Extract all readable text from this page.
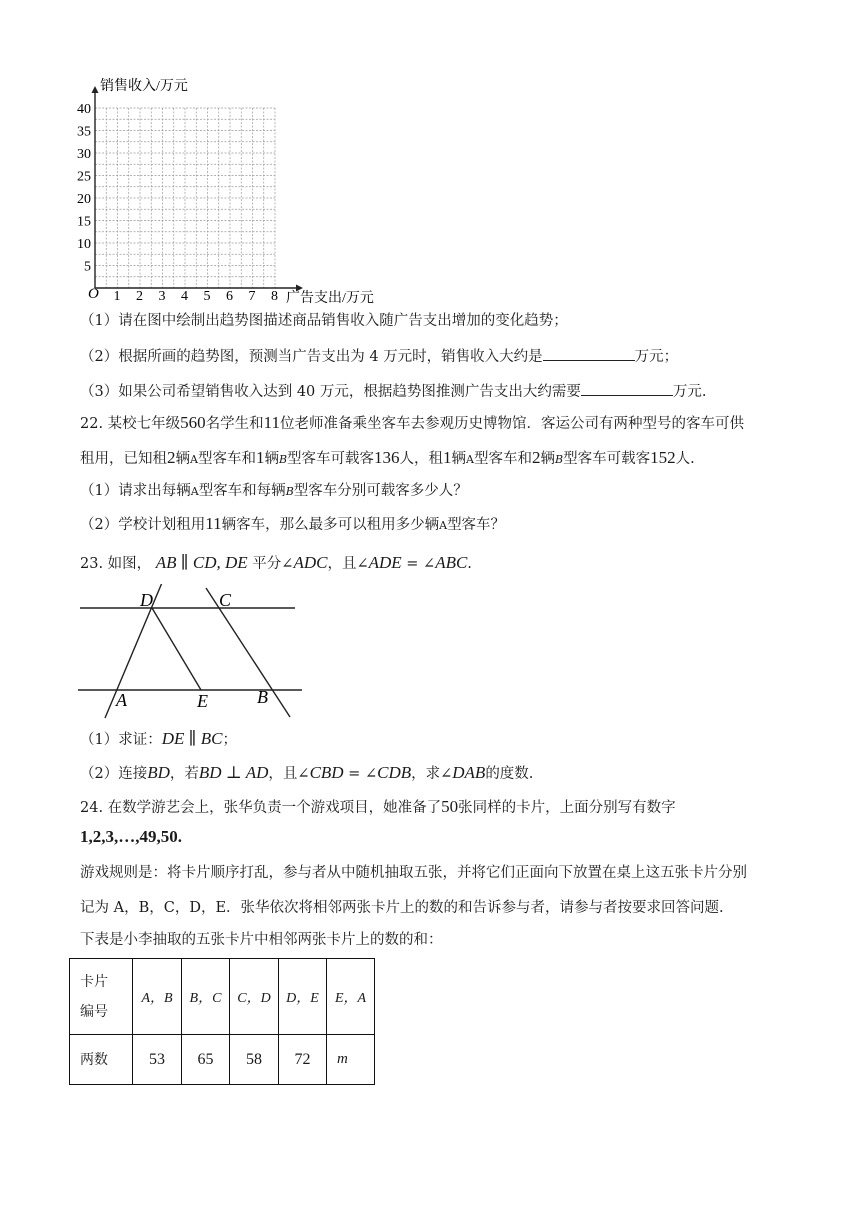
1 2 3 4 5 6 7 8
5
10
15
20
25
30
35
40
销售收入/万元
广告支出/万元
O
（1）请在图中绘制出趋势图描述商品销售收入随广告支出增加的变化趋势；
（2）根据所画的趋势图，预测当广告支出为 4 万元时，销售收入大约是	万元；
（3）如果公司希望销售收入达到 40 万元，根据趋势图推测广告支出大约需要	万元.
22. 某校七年级560名学生和11位老师准备乘坐客车去参观历史博物馆．客运公司有两种型号的客车可供
租用，已知租2辆A型客车和1辆B型客车可载客136人，租1辆A型客车和2辆B型客车可载客152人.
（1）请求出每辆A型客车和每辆B型客车分别可载客多少人？
（2）学校计划租用11辆客车，那么最多可以租用多少辆A型客车？
23. 如图， AB ∥ CD, DE 平分∠ADC，且∠ADE = ∠ABC.
D	C
A	E	B
（1）求证：DE ∥ BC；
（2）连接BD，若BD ⊥ AD，且∠CBD = ∠CDB，求∠DAB的度数.
24. 在数学游艺会上，张华负责一个游戏项目，她准备了50张同样的卡片，上面分别写有数字
1,2,3,…,49,50.
游戏规则是：将卡片顺序打乱，参与者从中随机抽取五张，并将它们正面向下放置在桌上这五张卡片分别
记为 A，B，C，D，E．张华依次将相邻两张卡片上的数的和告诉参与者，请参与者按要求回答问题.
下表是小李抽取的五张卡片中相邻两张卡片上的数的和：
卡片
编号	A，B	B，C	C，D	D，E	E，A
两数	53	65	58	72	m
